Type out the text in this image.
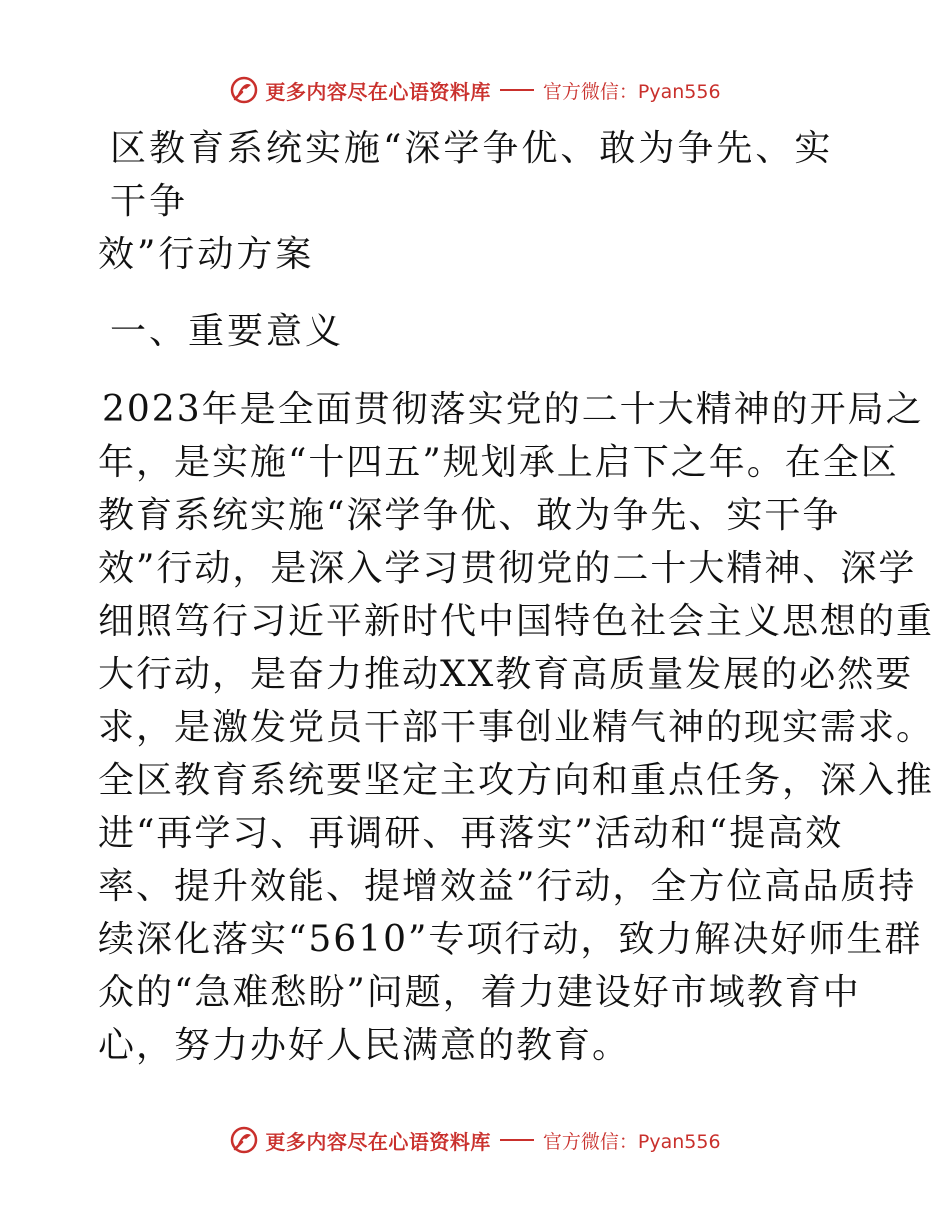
更多内容尽在心语资料库	官方微信：Pyan556
区教育系统实施“深学争优、敢为争先、实干争
效”行动方案
一、重要意义
2023年是全面贯彻落实党的二十大精神的开局之
年，是实施“十四五”规划承上启下之年。在全区
教育系统实施“深学争优、敢为争先、实干争
效”行动，是深入学习贯彻党的二十大精神、深学
细照笃行习近平新时代中国特色社会主义思想的重
大行动，是奋力推动XX教育高质量发展的必然要
求，是激发党员干部干事创业精气神的现实需求。
全区教育系统要坚定主攻方向和重点任务，深入推
进“再学习、再调研、再落实”活动和“提高效
率、提升效能、提增效益”行动，全方位高品质持
续深化落实“5610”专项行动，致力解决好师生群
众的“急难愁盼”问题，着力建设好市域教育中
心，努力办好人民满意的教育。
更多内容尽在心语资料库	官方微信：Pyan556
